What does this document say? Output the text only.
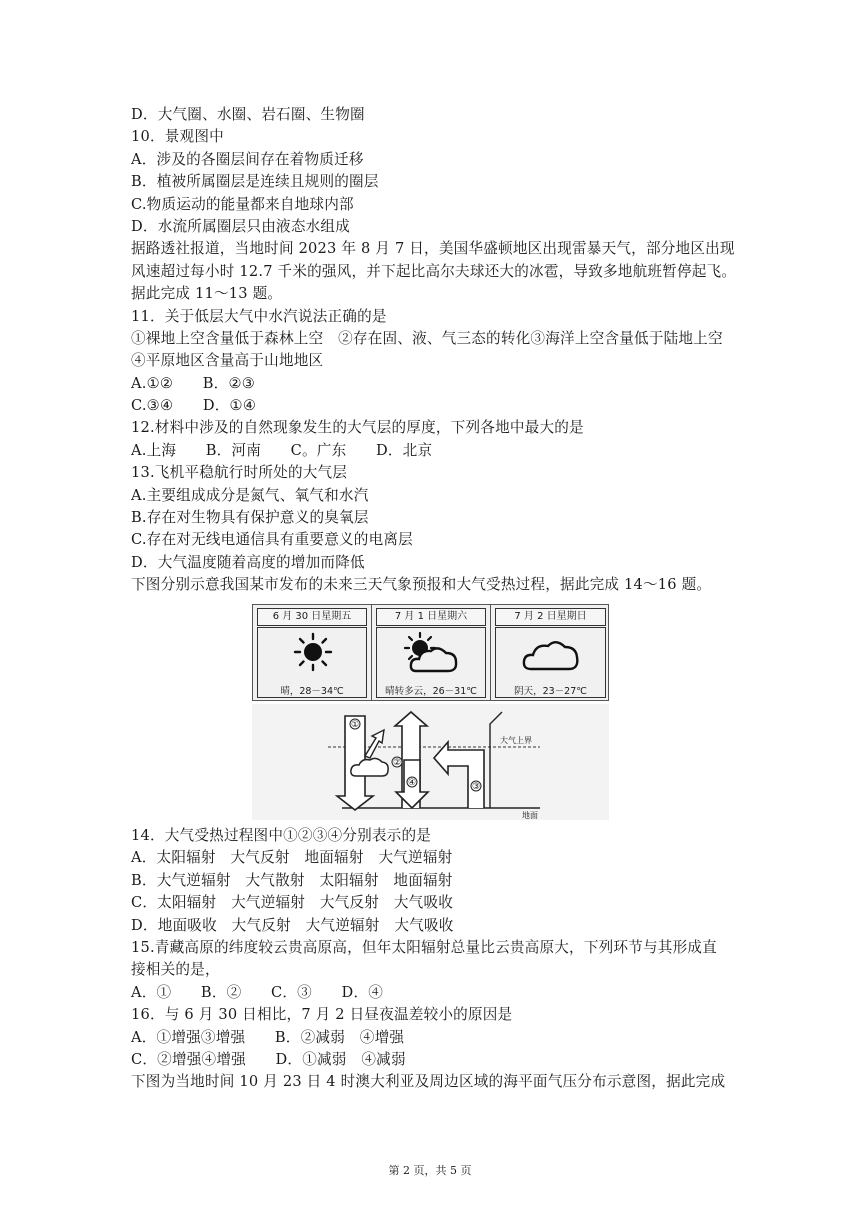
D．大气圈、水圈、岩石圈、生物圈
10．景观图中
A．涉及的各圈层间存在着物质迁移
B．植被所属圈层是连续且规则的圈层
C.物质运动的能量都来自地球内部
D．水流所属圈层只由液态水组成
据路透社报道，当地时间 2023 年 8 月 7 日，美国华盛顿地区出现雷暴天气，部分地区出现
风速超过每小时 12.7 千米的强风，并下起比高尔夫球还大的冰雹，导致多地航班暂停起飞。
据此完成 11～13 题。
11．关于低层大气中水汽说法正确的是
①裸地上空含量低于森林上空　②存在固、液、气三态的转化③海洋上空含量低于陆地上空
④平原地区含量高于山地地区
A.①②　　B．②③
C.③④　　D．①④
12.材料中涉及的自然现象发生的大气层的厚度，下列各地中最大的是
A.上海　　B．河南　　C。广东　　D．北京
13.飞机平稳航行时所处的大气层
A.主要组成成分是氮气、氧气和水汽
B.存在对生物具有保护意义的臭氧层
C.存在对无线电通信具有重要意义的电离层
D．大气温度随着高度的增加而降低
下图分别示意我国某市发布的未来三天气象预报和大气受热过程，据此完成 14～16 题。
6 月 30 日星期五
晴，28－34℃
7 月 1 日星期六
晴转多云，26－31℃
7 月 2 日星期日
阴天，23－27℃
①
②
③
④
大气上界
地面
14．大气受热过程图中①②③④分别表示的是
A．太阳辐射　大气反射　地面辐射　大气逆辐射
B．大气逆辐射　大气散射　太阳辐射　地面辐射
C．太阳辐射　大气逆辐射　大气反射　大气吸收
D．地面吸收　大气反射　大气逆辐射　大气吸收
15.青藏高原的纬度较云贵高原高，但年太阳辐射总量比云贵高原大，下列环节与其形成直
接相关的是，
A．①　　B．②　　C．③　　D．④
16．与 6 月 30 日相比，7 月 2 日昼夜温差较小的原因是
A．①增强③增强　　B．②减弱　④增强
C．②增强④增强　　D．①减弱　④减弱
下图为当地时间 10 月 23 日 4 时澳大利亚及周边区域的海平面气压分布示意图，据此完成
第 2 页，共 5 页
